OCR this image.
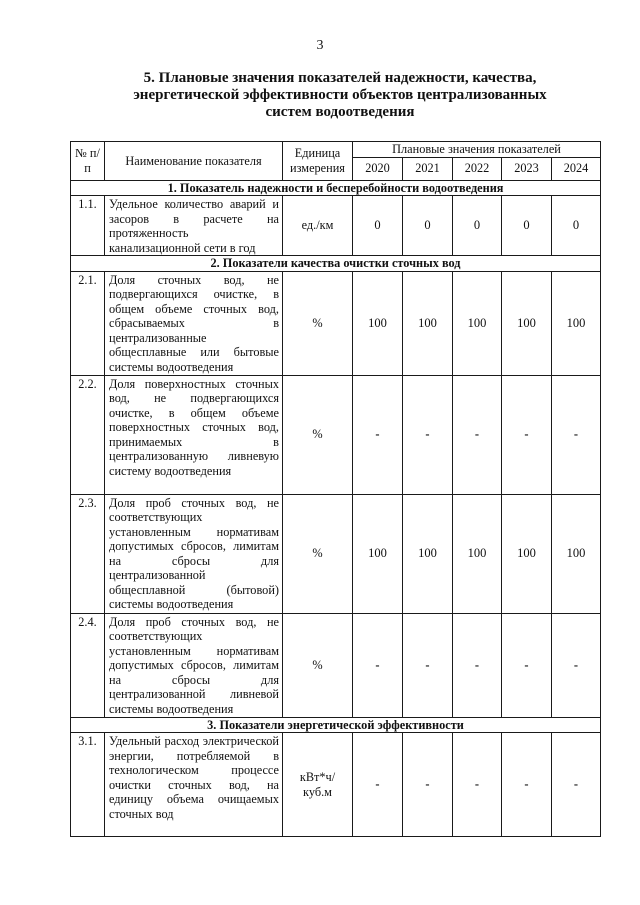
3
5. Плановые значения показателей надежности, качества,
энергетической эффективности объектов централизованных
систем водоотведения
№ п/п	Наименование показателя	Единица измерения	Плановые значения показателей				
			2020	2021	2022	2023	2024
1. Показатель надежности и бесперебойности водоотведения							
1.1.	Удельное количество аварий и засоров в расчете на протяженность канализационной сети в год	ед./км	0	0	0	0	0
2. Показатели качества очистки сточных вод							
2.1.	Доля сточных вод, не подвергающихся очистке, в общем объеме сточных вод, сбрасываемых в централизованные общесплавные или бытовые системы водоотведения	%	100	100	100	100	100
2.2.	Доля поверхностных сточных вод, не подвергающихся очистке, в общем объеме поверхностных сточных вод, принимаемых в централизованную ливневую систему водоотведения	%	-	-	-	-	-
2.3.	Доля проб сточных вод, не соответствующих установленным нормативам допустимых сбросов, лимитам на сбросы для централизованной общесплавной (бытовой) системы водоотведения	%	100	100	100	100	100
2.4.	Доля проб сточных вод, не соответствующих установленным нормативам допустимых сбросов, лимитам на сбросы для централизованной ливневой системы водоотведения	%	-	-	-	-	-
3. Показатели энергетической эффективности							
3.1.	Удельный расход электрической энергии, потребляемой в технологическом процессе очистки сточных вод, на единицу объема очищаемых сточных вод	кВт*ч/ куб.м	-	-	-	-	-
